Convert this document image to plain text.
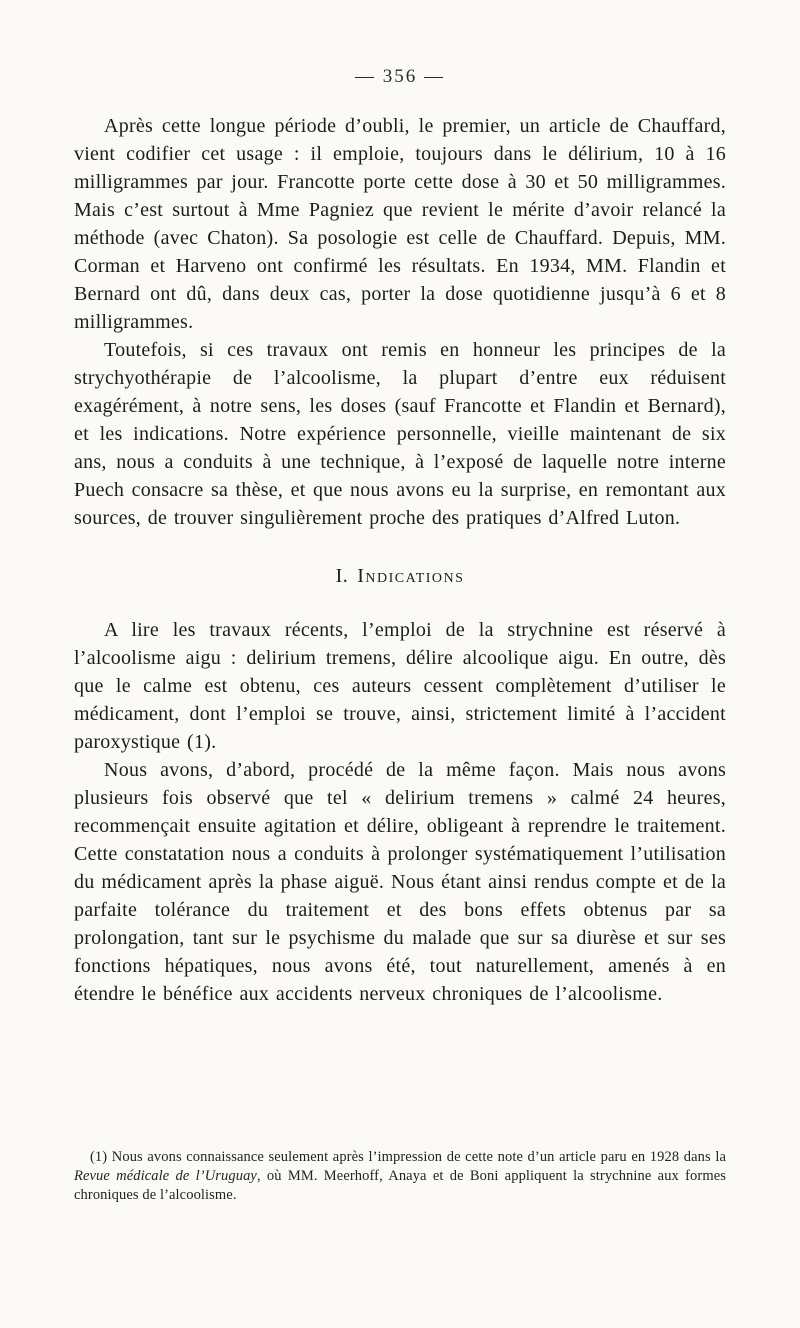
— 356 —

Après cette longue période d’oubli, le premier, un article de Chauffard, vient codifier cet usage : il emploie, toujours dans le délirium, 10 à 16 milligrammes par jour. Francotte porte cette dose à 30 et 50 milligrammes. Mais c’est surtout à Mme Pagniez que revient le mérite d’avoir relancé la méthode (avec Chaton). Sa posologie est celle de Chauffard. Depuis, MM. Corman et Harveno ont confirmé les résultats. En 1934, MM. Flandin et Bernard ont dû, dans deux cas, porter la dose quotidienne jusqu’à 6 et 8 milligrammes.

Toutefois, si ces travaux ont remis en honneur les principes de la strychyothérapie de l’alcoolisme, la plupart d’entre eux réduisent exagérément, à notre sens, les doses (sauf Francotte et Flandin et Bernard), et les indications. Notre expérience personnelle, vieille maintenant de six ans, nous a conduits à une technique, à l’exposé de laquelle notre interne Puech consacre sa thèse, et que nous avons eu la surprise, en remontant aux sources, de trouver singulièrement proche des pratiques d’Alfred Luton.

I. Indications

A lire les travaux récents, l’emploi de la strychnine est réservé à l’alcoolisme aigu : delirium tremens, délire alcoolique aigu. En outre, dès que le calme est obtenu, ces auteurs cessent complètement d’utiliser le médicament, dont l’emploi se trouve, ainsi, strictement limité à l’accident paroxystique (1).

Nous avons, d’abord, procédé de la même façon. Mais nous avons plusieurs fois observé que tel « delirium tremens » calmé 24 heures, recommençait ensuite agitation et délire, obligeant à reprendre le traitement. Cette constatation nous a conduits à prolonger systématiquement l’utilisation du médicament après la phase aiguë. Nous étant ainsi rendus compte et de la parfaite tolérance du traitement et des bons effets obtenus par sa prolongation, tant sur le psychisme du malade que sur sa diurèse et sur ses fonctions hépatiques, nous avons été, tout naturellement, amenés à en étendre le bénéfice aux accidents nerveux chroniques de l’alcoolisme.

(1) Nous avons connaissance seulement après l’impression de cette note d’un article paru en 1928 dans la Revue médicale de l’Uruguay, où MM. Meerhoff, Anaya et de Boni appliquent la strychnine aux formes chroniques de l’alcoolisme.
